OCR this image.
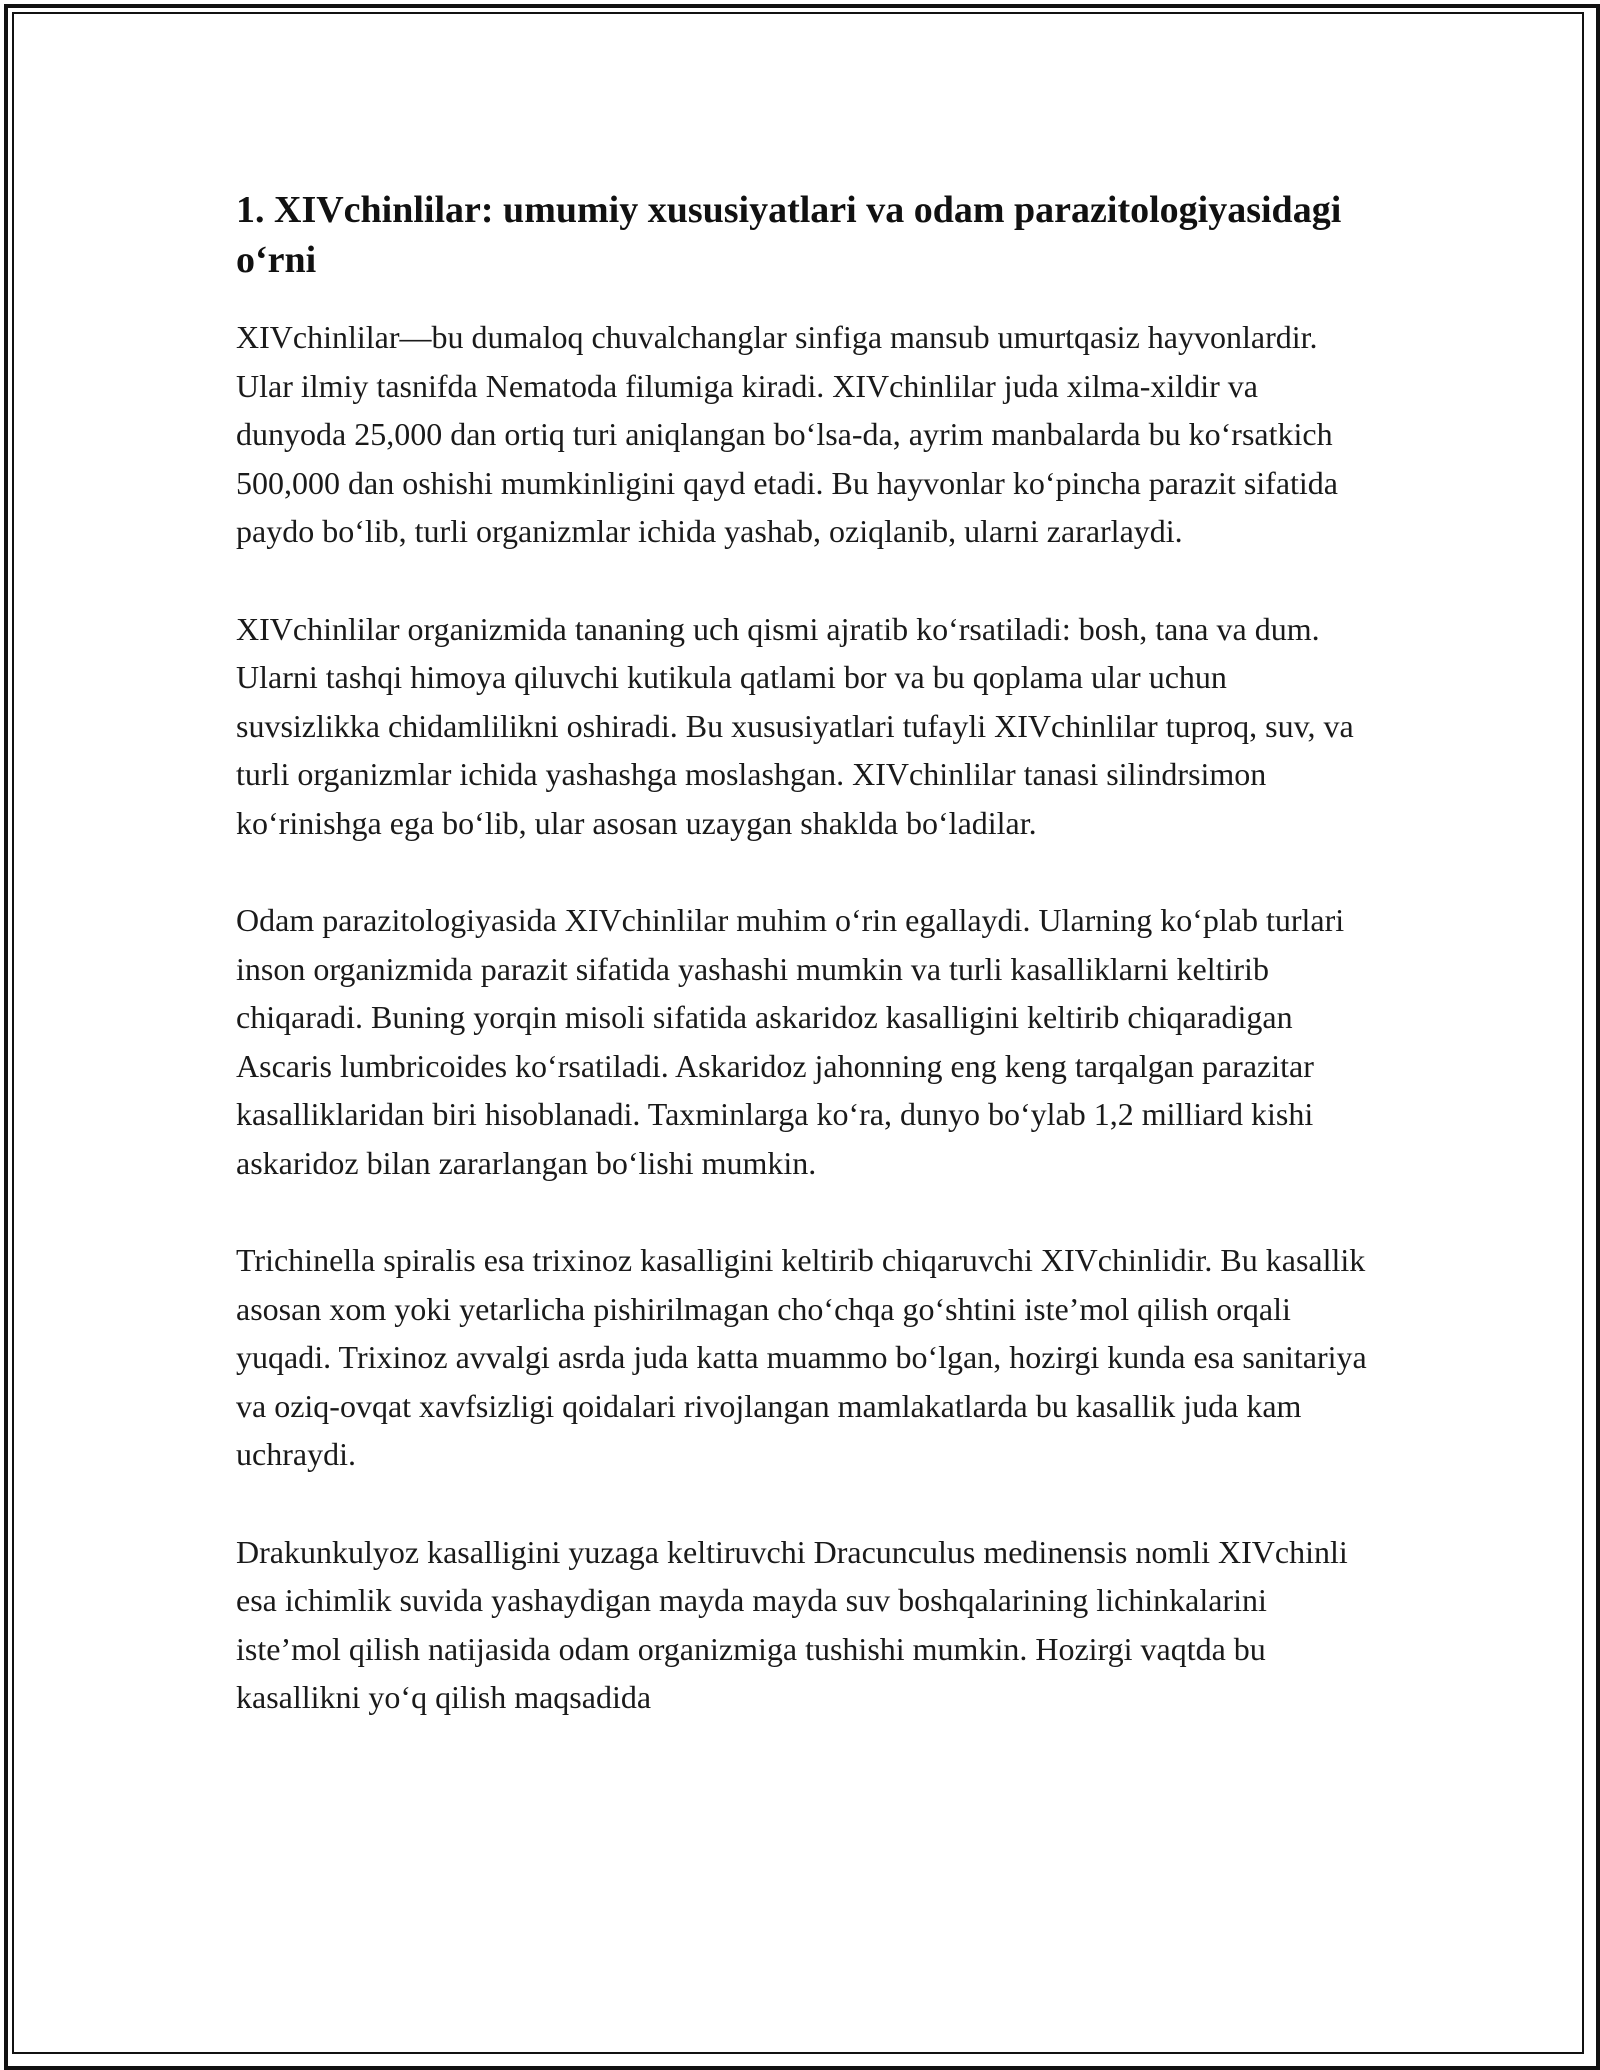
1. XIVchinlilar: umumiy xususiyatlari va odam parazitologiyasidagi o‘rni

XIVchinlilar—bu dumaloq chuvalchanglar sinfiga mansub umurtqasiz hayvonlardir. Ular ilmiy tasnifda Nematoda filumiga kiradi. XIVchinlilar juda xilma-xildir va dunyoda 25,000 dan ortiq turi aniqlangan bo‘lsa-da, ayrim manbalarda bu ko‘rsatkich 500,000 dan oshishi mumkinligini qayd etadi. Bu hayvonlar ko‘pincha parazit sifatida paydo bo‘lib, turli organizmlar ichida yashab, oziqlanib, ularni zararlaydi.

XIVchinlilar organizmida tananing uch qismi ajratib ko‘rsatiladi: bosh, tana va dum. Ularni tashqi himoya qiluvchi kutikula qatlami bor va bu qoplama ular uchun suvsizlikka chidamlilikni oshiradi. Bu xususiyatlari tufayli XIVchinlilar tuproq, suv, va turli organizmlar ichida yashashga moslashgan. XIVchinlilar tanasi silindrsimon ko‘rinishga ega bo‘lib, ular asosan uzaygan shakldа bo‘ladilar.

Odam parazitologiyasida XIVchinlilar muhim o‘rin egallaydi. Ularning ko‘plab turlari inson organizmida parazit sifatida yashashi mumkin va turli kasalliklarni keltirib chiqaradi. Buning yorqin misoli sifatida askaridoz kasalligini keltirib chiqaradigan Ascaris lumbricoides ko‘rsatiladi. Askaridoz jahonning eng keng tarqalgan parazitar kasalliklaridan biri hisoblanadi. Taxminlarga ko‘ra, dunyo bo‘ylab 1,2 milliard kishi askaridoz bilan zararlangan bo‘lishi mumkin.

Trichinella spiralis esa trixinoz kasalligini keltirib chiqaruvchi XIVchinlidir. Bu kasallik asosan xom yoki yetarlicha pishirilmagan cho‘chqa go‘shtini iste’mol qilish orqali yuqadi. Trixinoz avvalgi asrda juda katta muammo bo‘lgan, hozirgi kunda esa sanitariya va oziq-ovqat xavfsizligi qoidalari rivojlangan mamlakatlarda bu kasallik juda kam uchraydi.

Drakunkulyoz kasalligini yuzaga keltiruvchi Dracunculus medinensis nomli XIVchinli esa ichimlik suvida yashaydigan mayda mayda suv boshqalarining lichinkalarini iste’mol qilish natijasida odam organizmiga tushishi mumkin. Hozirgi vaqtda bu kasallikni yo‘q qilish maqsadida
